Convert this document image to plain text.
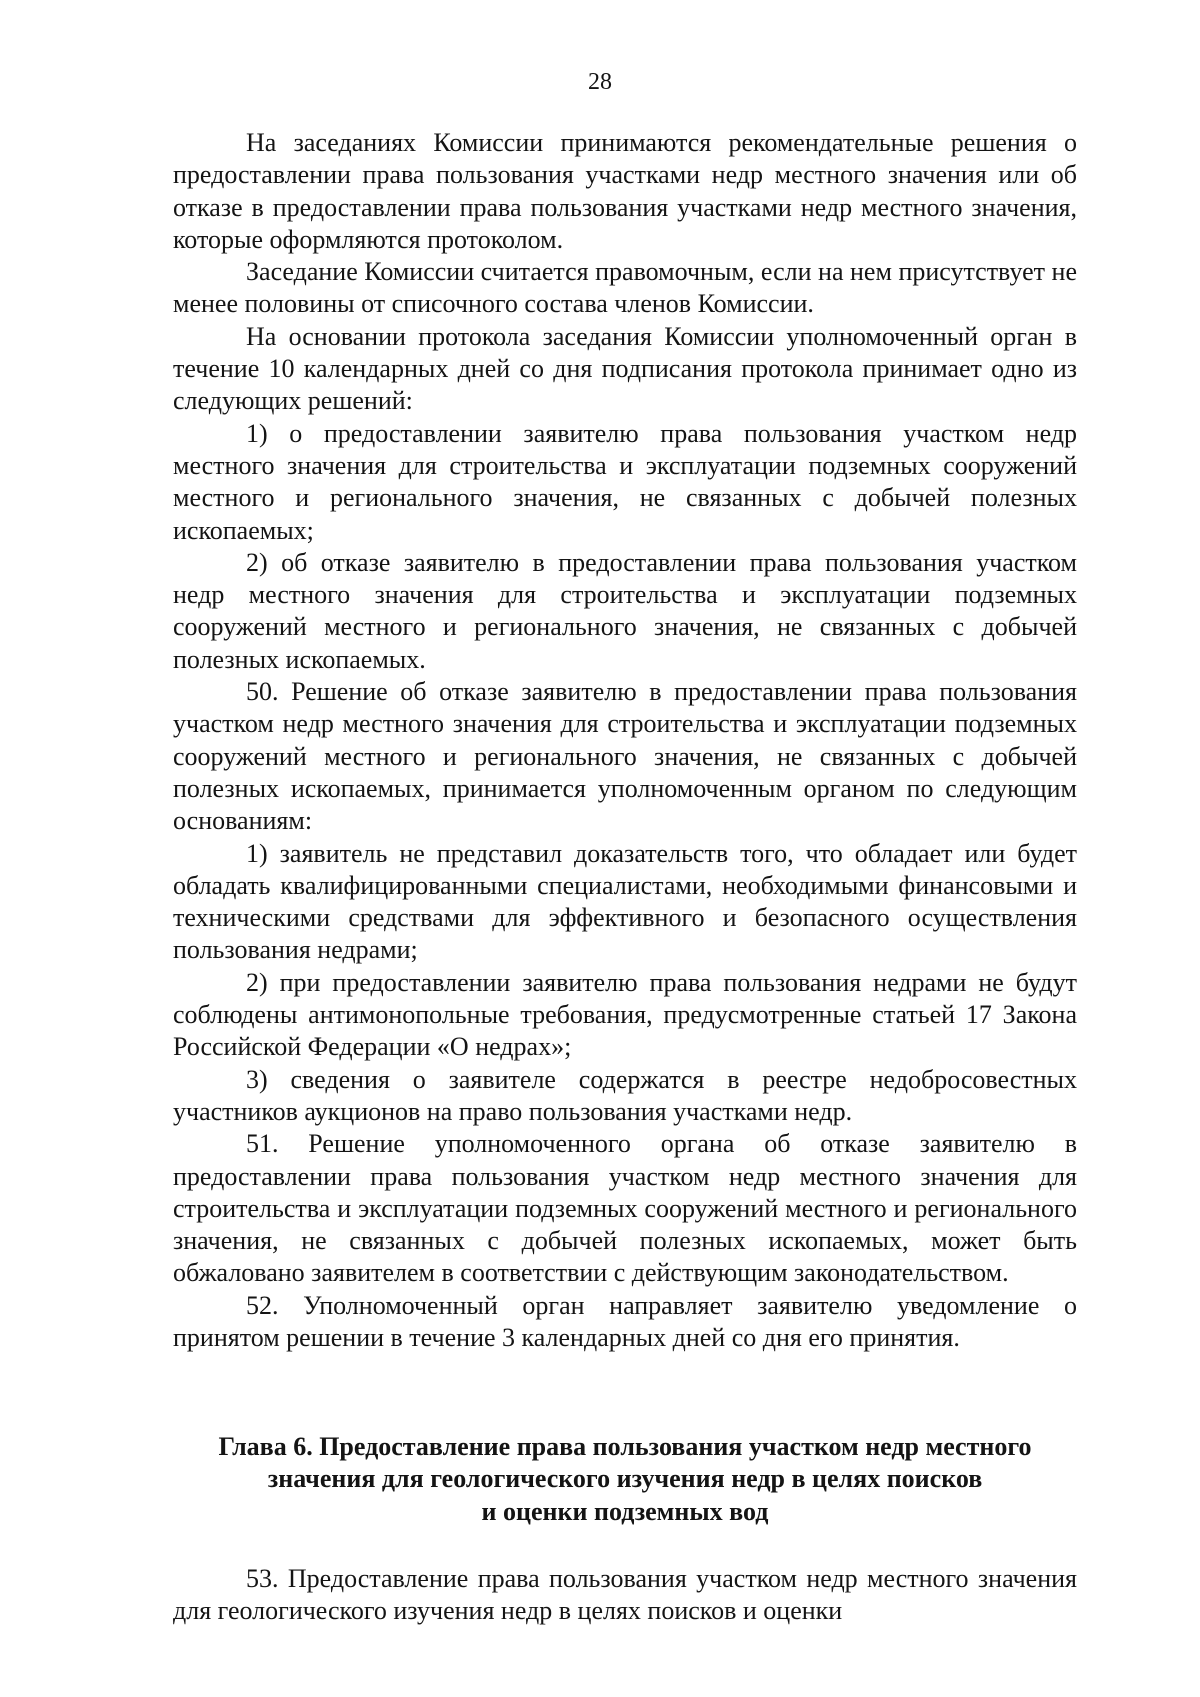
28

На заседаниях Комиссии принимаются рекомендательные решения о предоставлении права пользования участками недр местного значения или об отказе в предоставлении права пользования участками недр местного значения, которые оформляются протоколом.

Заседание Комиссии считается правомочным, если на нем присутствует не менее половины от списочного состава членов Комиссии.

На основании протокола заседания Комиссии уполномоченный орган в течение 10 календарных дней со дня подписания протокола принимает одно из следующих решений:

1) о предоставлении заявителю права пользования участком недр местного значения для строительства и эксплуатации подземных сооружений местного и регионального значения, не связанных с добычей полезных ископаемых;

2) об отказе заявителю в предоставлении права пользования участком недр местного значения для строительства и эксплуатации подземных сооружений местного и регионального значения, не связанных с добычей полезных ископаемых.

50. Решение об отказе заявителю в предоставлении права пользования участком недр местного значения для строительства и эксплуатации подземных сооружений местного и регионального значения, не связанных с добычей полезных ископаемых, принимается уполномоченным органом по следующим основаниям:

1) заявитель не представил доказательств того, что обладает или будет обладать квалифицированными специалистами, необходимыми финансовыми и техническими средствами для эффективного и безопасного осуществления пользования недрами;

2) при предоставлении заявителю права пользования недрами не будут соблюдены антимонопольные требования, предусмотренные статьей 17 Закона Российской Федерации «О недрах»;

3) сведения о заявителе содержатся в реестре недобросовестных участников аукционов на право пользования участками недр.

51. Решение уполномоченного органа об отказе заявителю в предоставлении права пользования участком недр местного значения для строительства и эксплуатации подземных сооружений местного и регионального значения, не связанных с добычей полезных ископаемых, может быть обжаловано заявителем в соответствии с действующим законодательством.

52. Уполномоченный орган направляет заявителю уведомление о принятом решении в течение 3 календарных дней со дня его принятия.

Глава 6. Предоставление права пользования участком недр местного
значения для геологического изучения недр в целях поисков
и оценки подземных вод

53. Предоставление права пользования участком недр местного значения для геологического изучения недр в целях поисков и оценки
